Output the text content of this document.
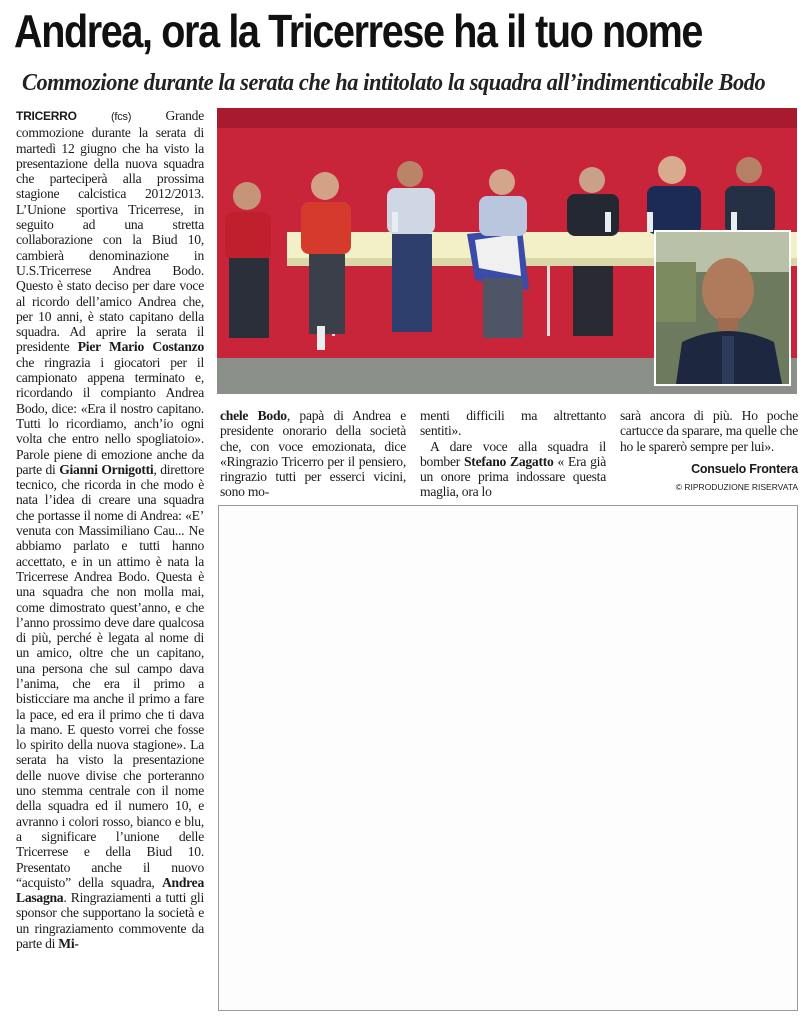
Andrea, ora la Tricerrese ha il tuo nome
Commozione durante la serata che ha intitolato la squadra all’indimenticabile Bodo

TRICERRO	(fcs)	Grande commozione durante la serata di martedì 12 giugno che ha visto la presentazione della nuova squadra che parteciperà alla prossima stagione calcistica 2012/2013. L’Unione sportiva Tricerrese, in seguito ad una stretta collaborazione con la Biud 10, cambierà denominazione in U.S.Tricerrese Andrea Bodo. Questo è stato deciso per dare voce al ricordo dell’amico Andrea che, per 10 anni, è stato capitano della squadra. Ad aprire la serata il presidente Pier Mario Costanzo che ringrazia i giocatori per il campionato appena terminato e, ricordando il compianto Andrea Bodo, dice: «Era il nostro capitano. Tutti lo ricordiamo, anch’io ogni volta che entro nello spogliatoio». Parole piene di emozione anche da parte di Gianni Ornigotti, direttore tecnico, che ricorda in che modo è nata l’idea di creare una squadra che portasse il nome di Andrea: «E’ venuta con Massimiliano Cau... Ne abbiamo parlato e tutti hanno accettato, e in un attimo è nata la Tricerrese Andrea Bodo. Questa è una squadra che non molla mai, come dimostrato quest’anno, e che l’anno prossimo deve dare qualcosa di più, perché è legata al nome di un amico, oltre che un capitano, una persona che sul campo dava l’anima, che era il primo a bisticciare ma anche il primo a fare la pace, ed era il primo che ti dava la mano. E questo vorrei che fosse lo spirito della nuova stagione». La serata ha visto la presentazione delle nuove divise che porteranno uno stemma centrale con il nome della squadra ed il numero 10, e avranno i colori rosso, bianco e blu, a significare l’unione delle Tricerrese e della Biud 10. Presentato anche il nuovo “acquisto” della squadra, Andrea Lasagna. Ringraziamenti a tutti gli sponsor che supportano la società e un ringraziamento commovente da parte di Mi-

chele Bodo, papà di Andrea e presidente onorario della società che, con voce emozionata, dice «Ringrazio Tricerro per il pensiero, ringrazio tutti per esserci vicini, sono mo-

menti difficili ma altrettanto sentiti».

A dare voce alla squadra il bomber Stefano Zagatto « Era già un onore prima indossare questa maglia, ora lo

sarà ancora di più. Ho poche cartucce da sparare, ma quelle che ho le sparerò sempre per lui».

Consuelo Frontera

© RIPRODUZIONE RISERVATA
